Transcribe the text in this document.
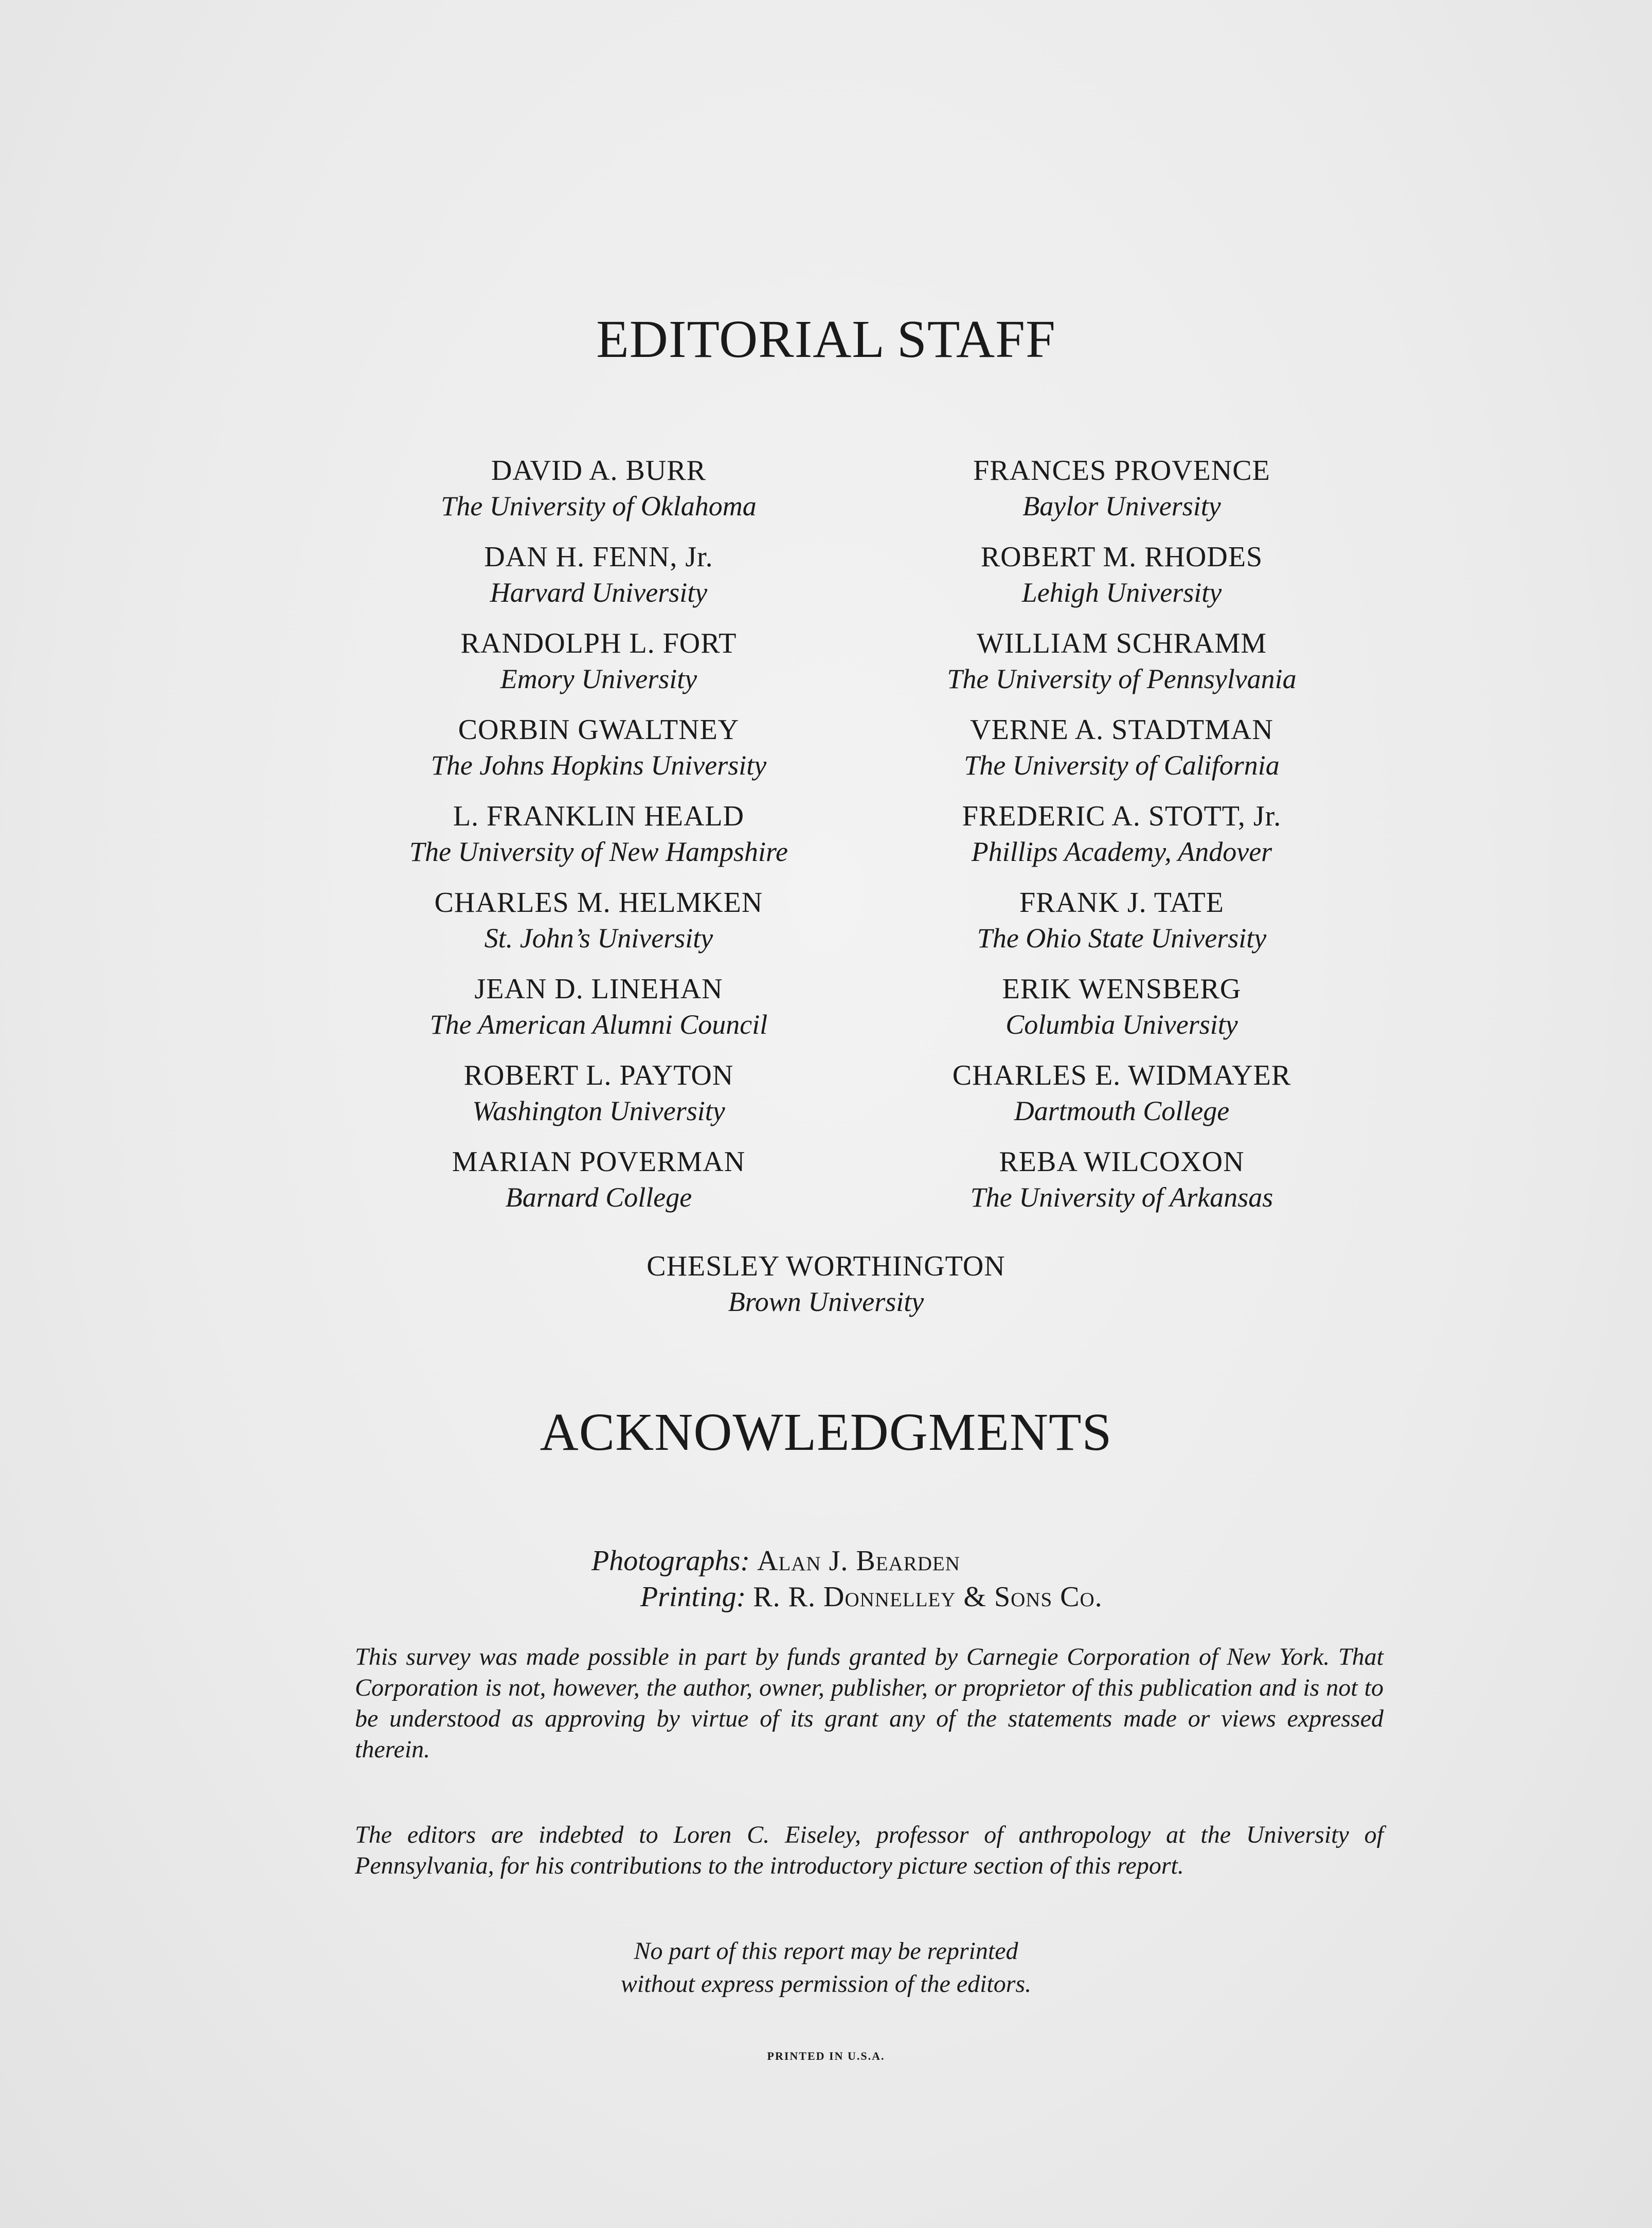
EDITORIAL STAFF
DAVID A. BURR
The University of Oklahoma
DAN H. FENN, Jr.
Harvard University
RANDOLPH L. FORT
Emory University
CORBIN GWALTNEY
The Johns Hopkins University
L. FRANKLIN HEALD
The University of New Hampshire
CHARLES M. HELMKEN
St. John’s University
JEAN D. LINEHAN
The American Alumni Council
ROBERT L. PAYTON
Washington University
MARIAN POVERMAN
Barnard College
FRANCES PROVENCE
Baylor University
ROBERT M. RHODES
Lehigh University
WILLIAM SCHRAMM
The University of Pennsylvania
VERNE A. STADTMAN
The University of California
FREDERIC A. STOTT, Jr.
Phillips Academy, Andover
FRANK J. TATE
The Ohio State University
ERIK WENSBERG
Columbia University
CHARLES E. WIDMAYER
Dartmouth College
REBA WILCOXON
The University of Arkansas
CHESLEY WORTHINGTON
Brown University
ACKNOWLEDGMENTS
Photographs: Alan J. Bearden
Printing: R. R. Donnelley & Sons Co.

This survey was made possible in part by funds granted by Carnegie Corporation of New York. That Corporation is not, however, the author, owner, publisher, or proprietor of this publication and is not to be understood as approving by virtue of its grant any of the statements made or views expressed therein.

The editors are indebted to Loren C. Eiseley, professor of anthropology at the University of Pennsylvania, for his contributions to the introductory picture section of this report.

No part of this report may be reprinted
without express permission of the editors.
PRINTED IN U.S.A.
